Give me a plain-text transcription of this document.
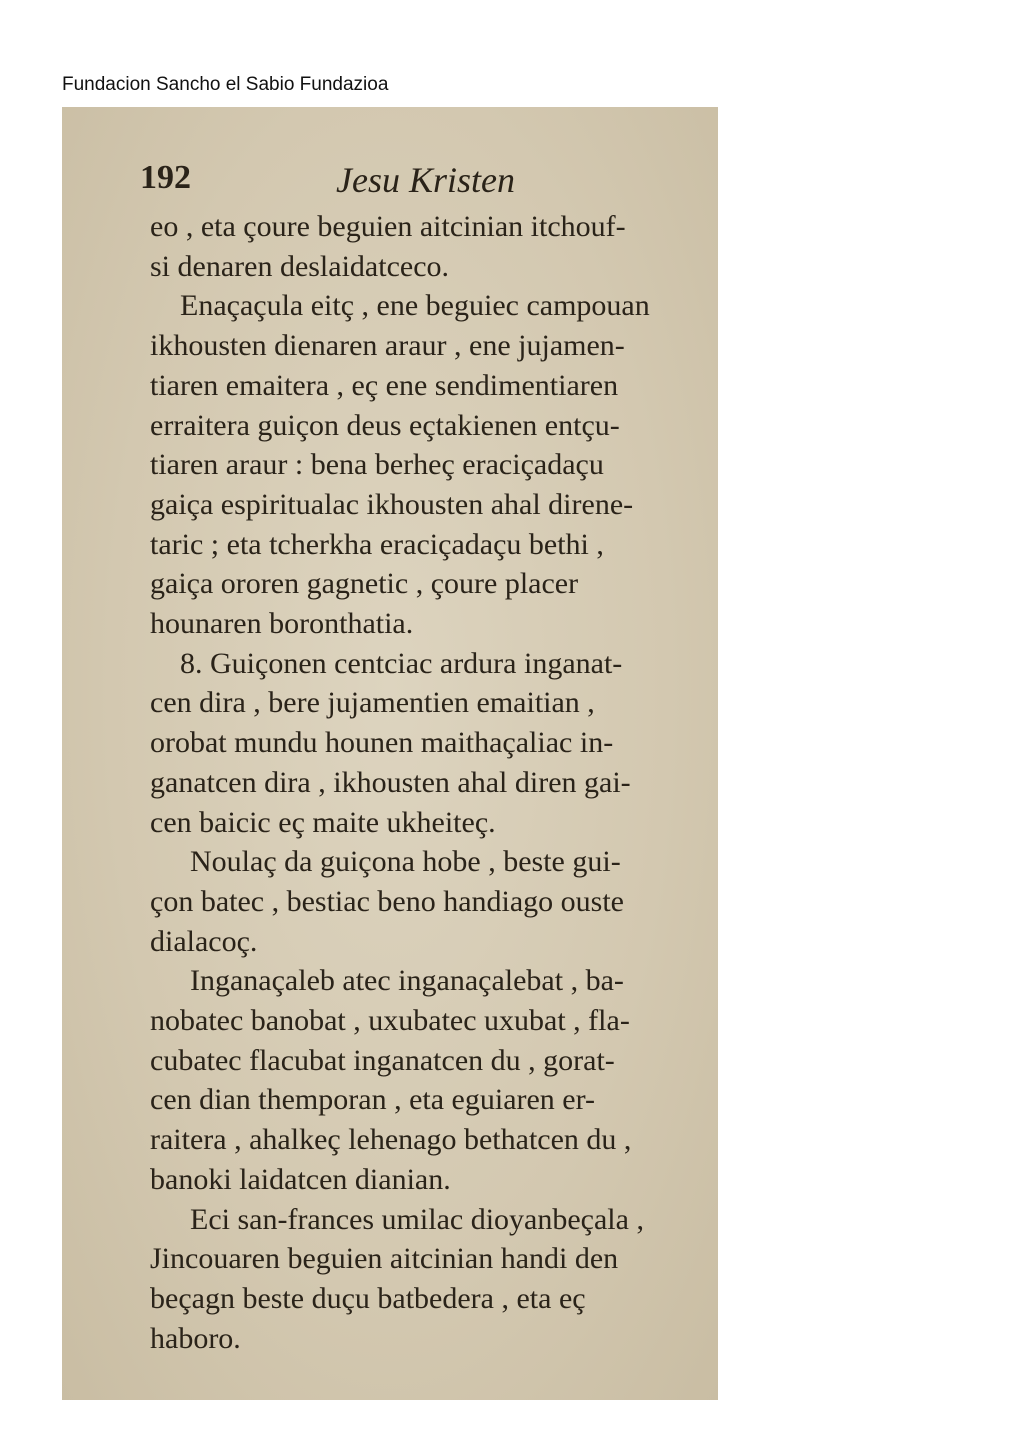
Fundacion Sancho el Sabio Fundazioa
192	Jesu Kristen
eo , eta çoure beguien aitcinian itchouf-
si denaren deslaidatceco.
Enaçaçula eitç , ene beguiec campouan
ikhousten dienaren araur , ene jujamen-
tiaren emaitera , eç ene sendimentiaren
erraitera guiçon deus eçtakienen entçu-
tiaren araur : bena berheç eraciçadaçu
gaiça espiritualac ikhousten ahal direne-
taric ; eta tcherkha eraciçadaçu bethi ,
gaiça ororen gagnetic , çoure placer
hounaren boronthatia.
8. Guiçonen centciac ardura inganat-
cen dira , bere jujamentien emaitian ,
orobat mundu hounen maithaçaliac in-
ganatcen dira , ikhousten ahal diren gai-
cen baicic eç maite ukheiteç.
Noulaç da guiçona hobe , beste gui-
çon batec , bestiac beno handiago ouste
dialacoç.
Inganaçaleb atec inganaçalebat , ba-
nobatec banobat , uxubatec uxubat , fla-
cubatec flacubat inganatcen du , gorat-
cen dian themporan , eta eguiaren er-
raitera , ahalkeç lehenago bethatcen du ,
banoki laidatcen dianian.
Eci san-frances umilac dioyanbeçala ,
Jincouaren beguien aitcinian handi den
beçagn beste duçu batbedera , eta eç
haboro.
